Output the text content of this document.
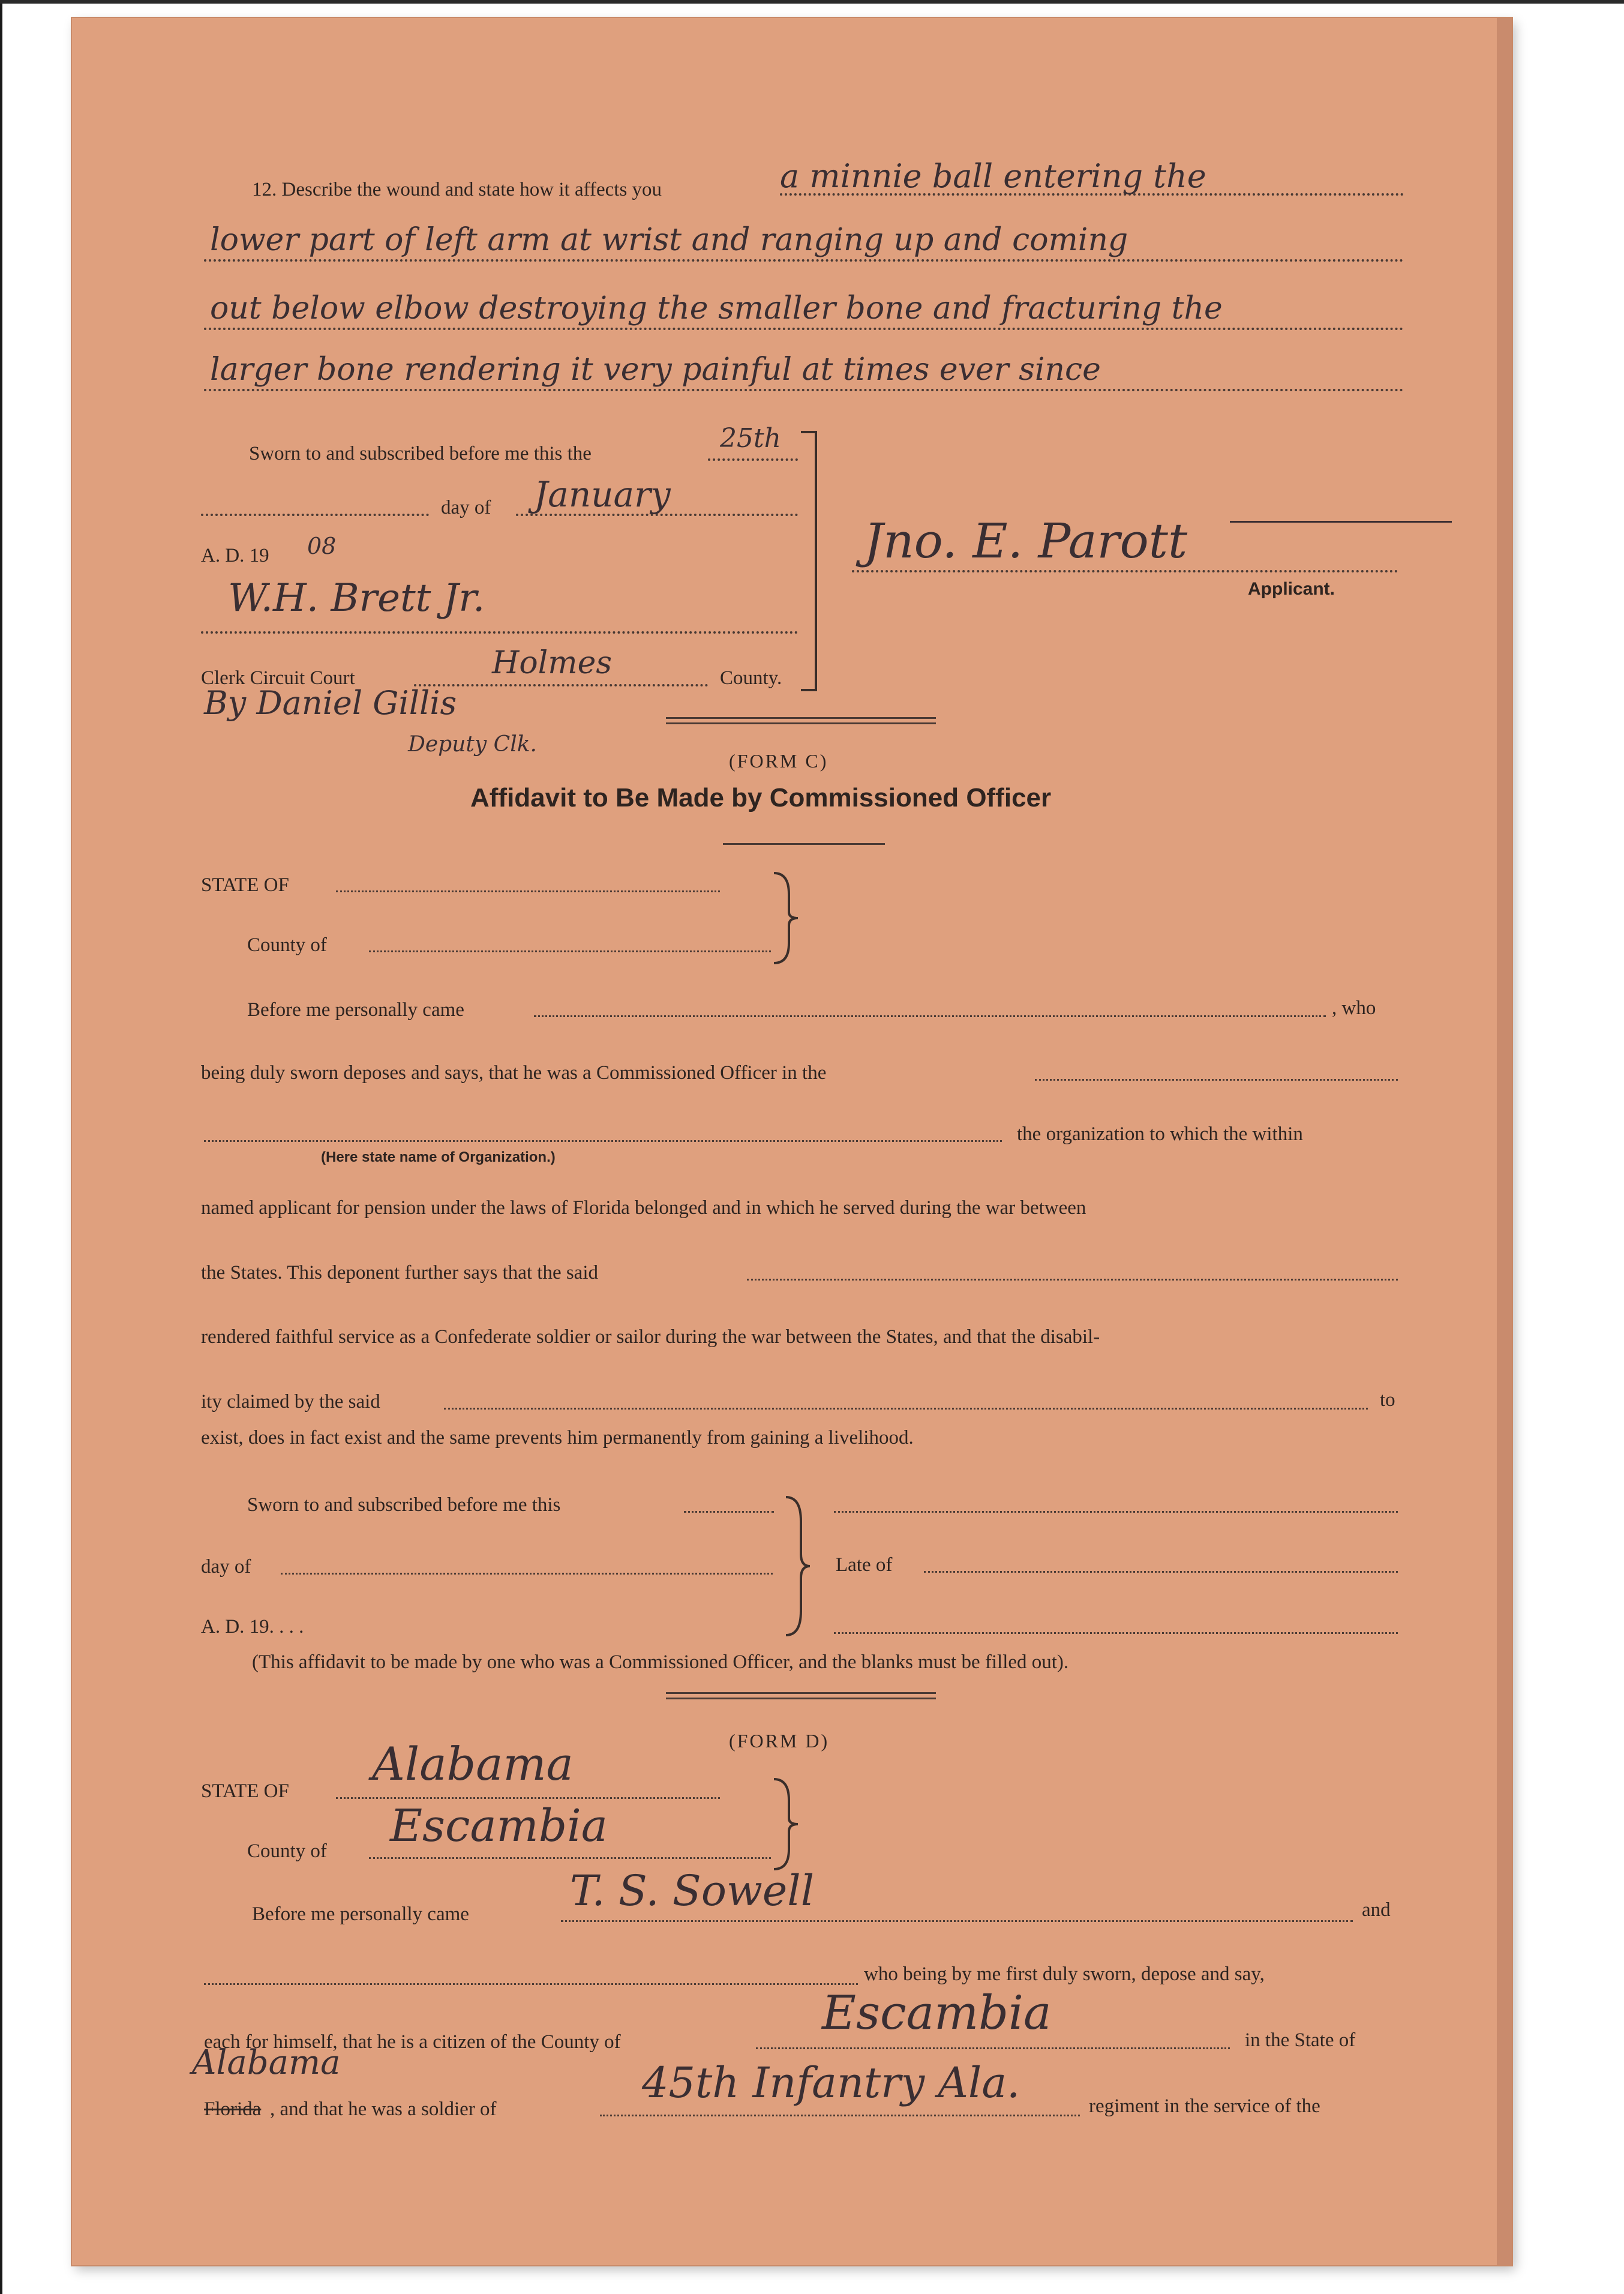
12. Describe the wound and state how it affects you	a minnie ball entering the
lower part of left arm at wrist and ranging up and coming
out below elbow destroying the smaller bone and fracturing the
larger bone rendering it very painful at times ever since
Sworn to and subscribed before me this the	25th
day of January
A. D. 19 08
W.H. Brett Jr.
Clerk Circuit Court	Holmes	County.
By Daniel Gillis
Deputy Clk.
Jno. E. Parott
Applicant.
(FORM C)
Affidavit to Be Made by Commissioned Officer
STATE OF
County of
Before me personally came	, who
being duly sworn deposes and says, that he was a Commissioned Officer in the
the organization to which the within
(Here state name of Organization.)
named applicant for pension under the laws of Florida belonged and in which he served during the war between
the States. This deponent further says that the said
rendered faithful service as a Confederate soldier or sailor during the war between the States, and that the disabil-
ity claimed by the said	to
exist, does in fact exist and the same prevents him permanently from gaining a livelihood.
Sworn to and subscribed before me this
day of
A. D. 19. . . .
Late of
(This affidavit to be made by one who was a Commissioned Officer, and the blanks must be filled out).
(FORM D)
STATE OF
Alabama
County of Escambia
Before me personally came T. S. Sowell	and
who being by me first duly sworn, depose and say,
each for himself, that he is a citizen of the County of
Escambia	in the State of
Alabama
Florida , and that he was a soldier of
45th Infantry Ala.	regiment in the service of the
